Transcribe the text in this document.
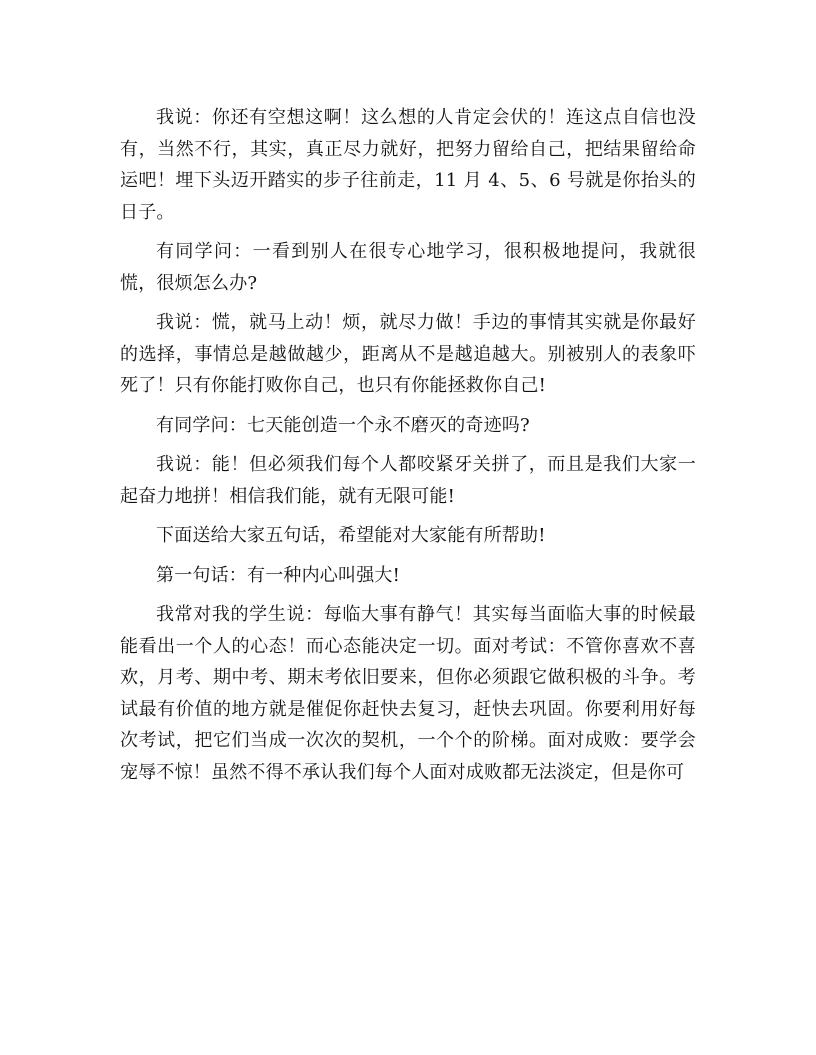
我说：你还有空想这啊！这么想的人肯定会伏的！连这点自信也没有，当然不行，其实，真正尽力就好，把努力留给自己，把结果留给命运吧！埋下头迈开踏实的步子往前走，11 月 4、5、6 号就是你抬头的日子。

有同学问：一看到别人在很专心地学习，很积极地提问，我就很慌，很烦怎么办?

我说：慌，就马上动！烦，就尽力做！手边的事情其实就是你最好的选择，事情总是越做越少，距离从不是越追越大。别被别人的表象吓死了！只有你能打败你自己，也只有你能拯救你自己!

有同学问：七天能创造一个永不磨灭的奇迹吗?

我说：能！但必须我们每个人都咬紧牙关拼了，而且是我们大家一起奋力地拼！相信我们能，就有无限可能!

下面送给大家五句话，希望能对大家能有所帮助!

第一句话：有一种内心叫强大!

我常对我的学生说：每临大事有静气！其实每当面临大事的时候最能看出一个人的心态！而心态能决定一切。面对考试：不管你喜欢不喜欢，月考、期中考、期末考依旧要来，但你必须跟它做积极的斗争。考试最有价值的地方就是催促你赶快去复习，赶快去巩固。你要利用好每次考试，把它们当成一次次的契机，一个个的阶梯。面对成败：要学会宠辱不惊！虽然不得不承认我们每个人面对成败都无法淡定，但是你可
